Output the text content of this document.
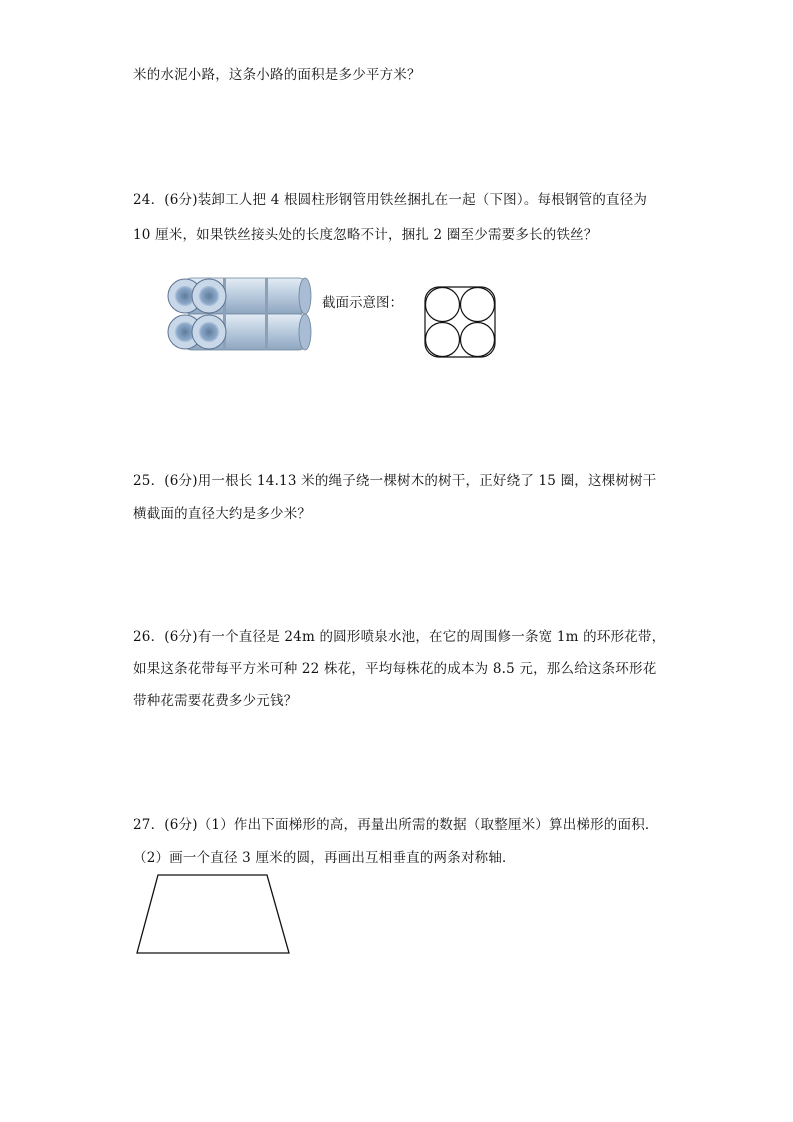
米的水泥小路，这条小路的面积是多少平方米？
24．(6分)装卸工人把 4 根圆柱形钢管用铁丝捆扎在一起（下图）。每根钢管的直径为
10 厘米，如果铁丝接头处的长度忽略不计，捆扎 2 圈至少需要多长的铁丝？
截面示意图：
25．(6分)用一根长 14.13 米的绳子绕一棵树木的树干，正好绕了 15 圈，这棵树树干
横截面的直径大约是多少米？
26．(6分)有一个直径是 24m 的圆形喷泉水池，在它的周围修一条宽 1m 的环形花带，
如果这条花带每平方米可种 22 株花，平均每株花的成本为 8.5 元，那么给这条环形花
带种花需要花费多少元钱？
27．(6分)（1）作出下面梯形的高，再量出所需的数据（取整厘米）算出梯形的面积．
（2）画一个直径 3 厘米的圆，再画出互相垂直的两条对称轴．
